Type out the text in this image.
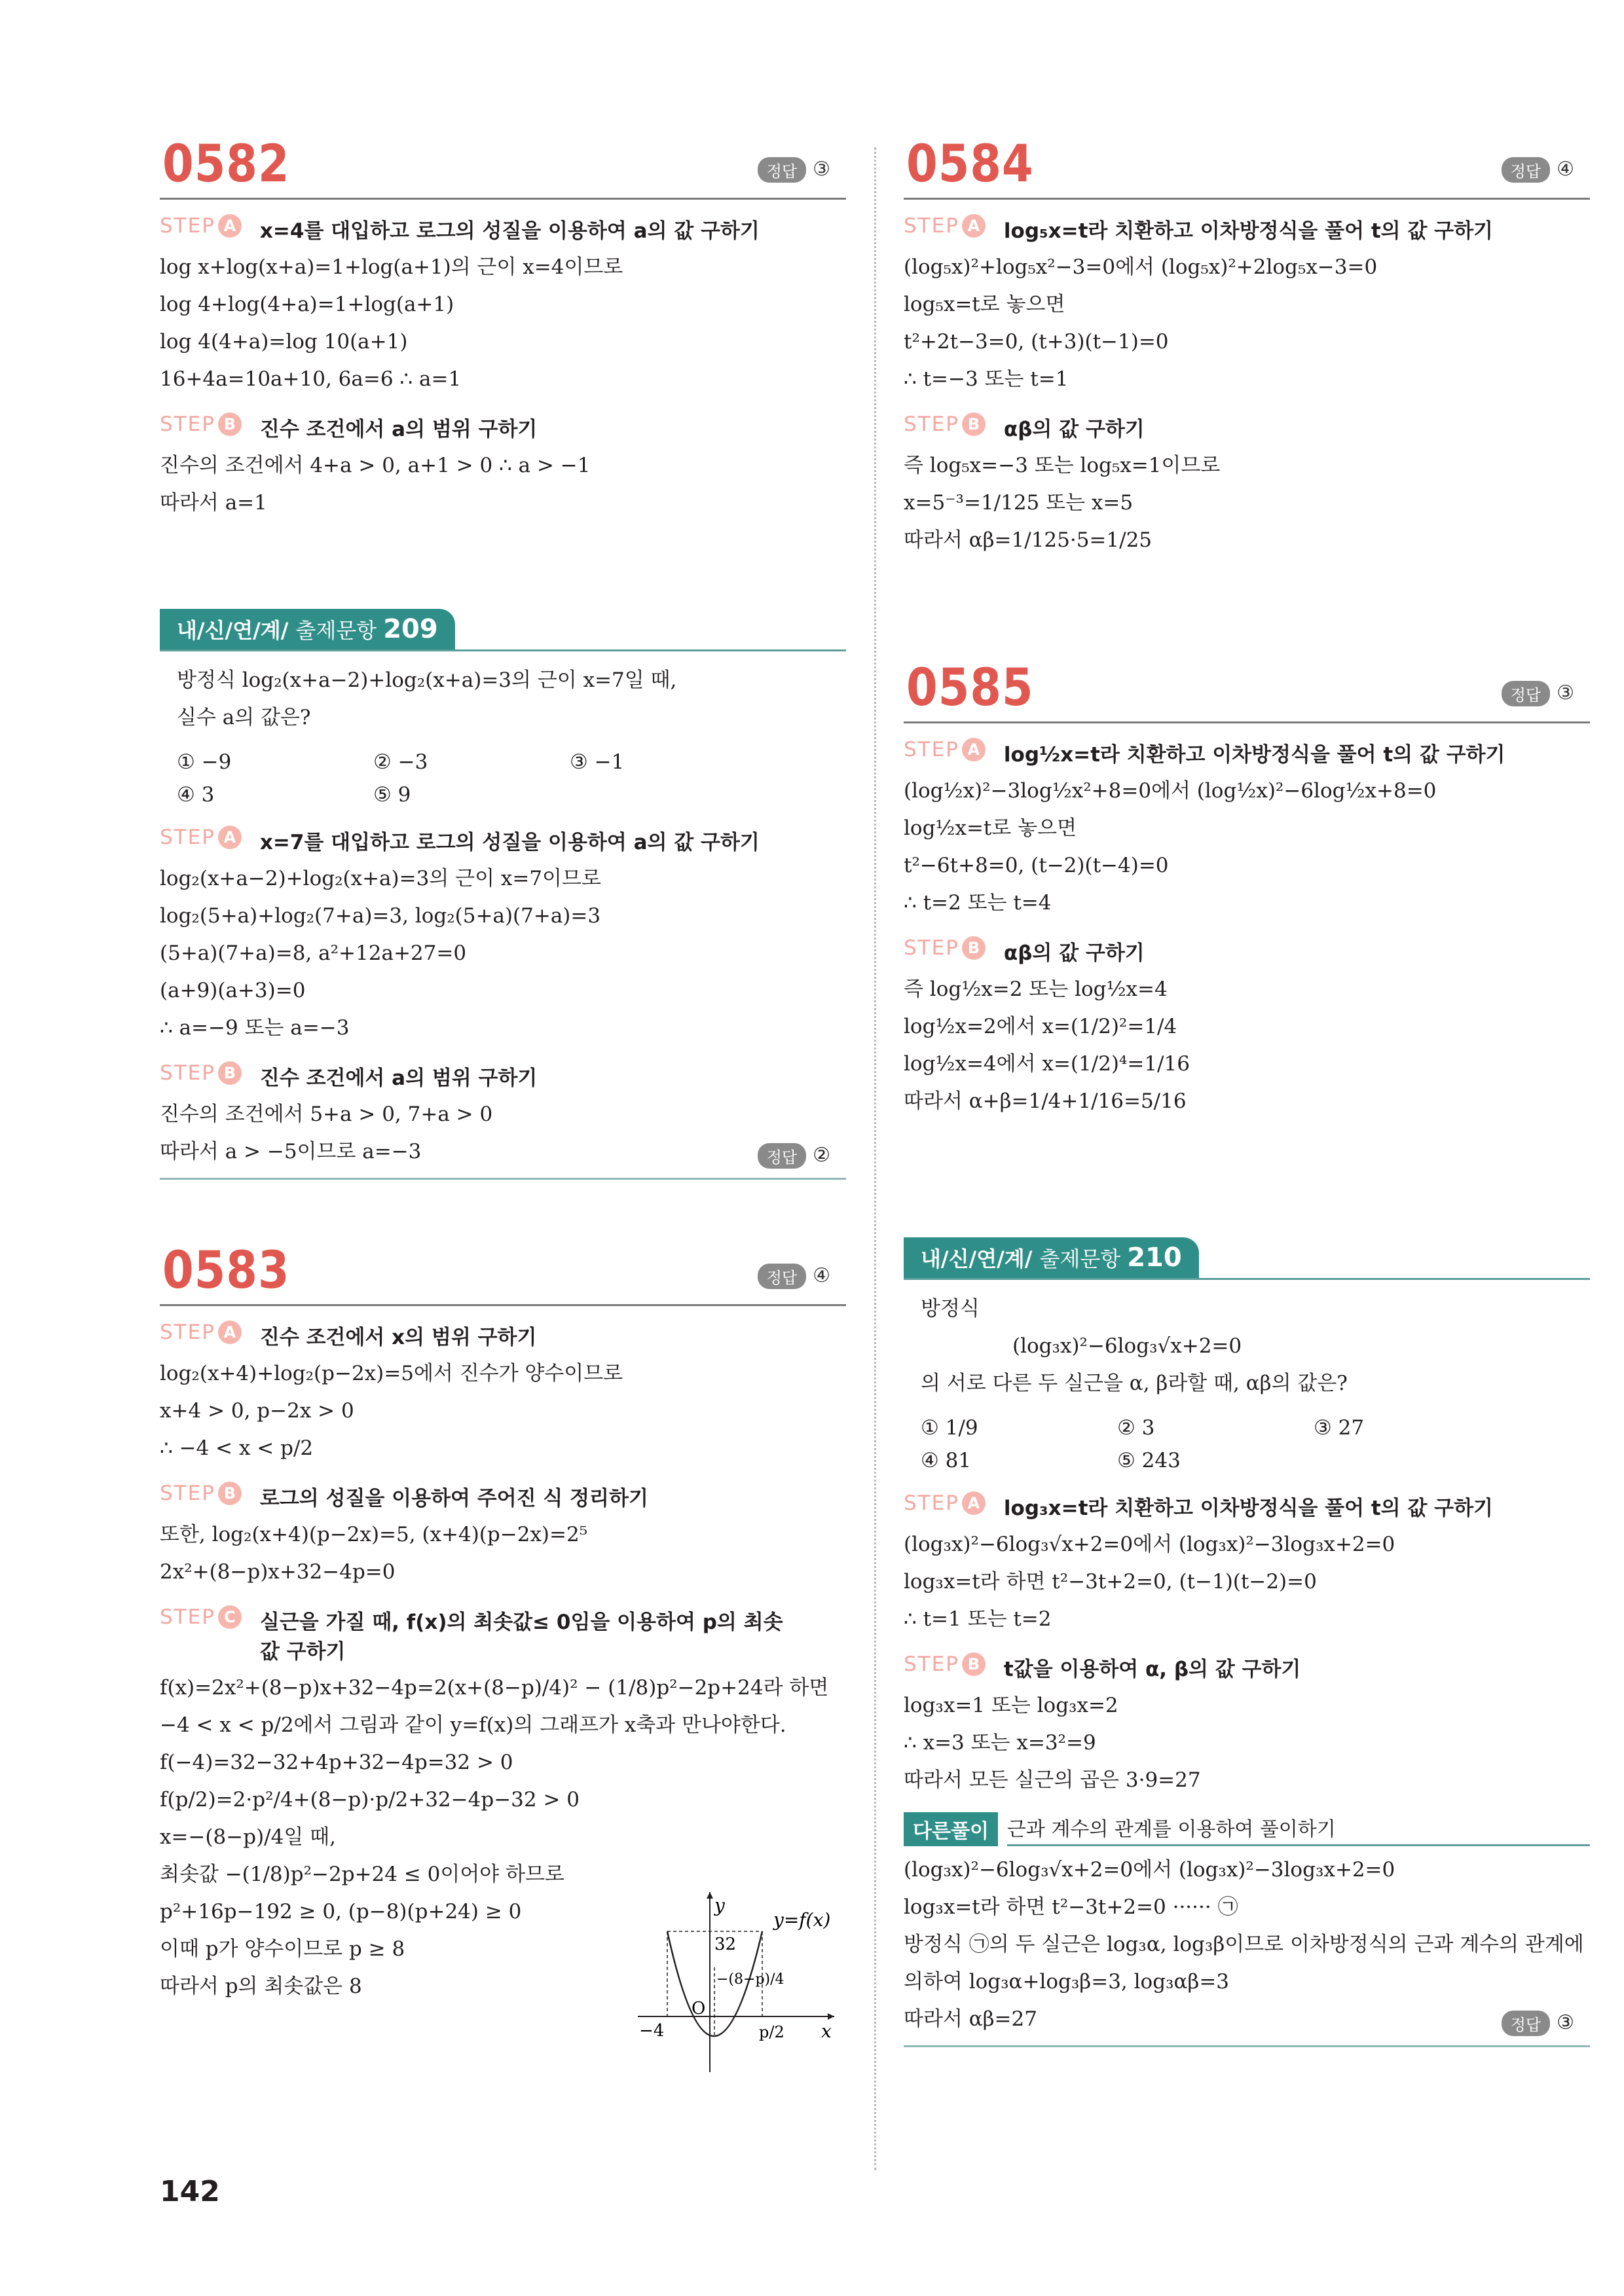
0582	정답 ③
STEP A x=4를 대입하고 로그의 성질을 이용하여 a의 값 구하기
log x+log(x+a)=1+log(a+1)의 근이 x=4이므로
log 4+log(4+a)=1+log(a+1)
log 4(4+a)=log 10(a+1)
16+4a=10a+10, 6a=6 ∴ a=1
STEP B 진수 조건에서 a의 범위 구하기
진수의 조건에서 4+a > 0, a+1 > 0 ∴ a > −1
따라서 a=1
내/신/연/계/ 출제문항 209
방정식 log₂(x+a−2)+log₂(x+a)=3의 근이 x=7일 때,
실수 a의 값은?
① −9	② −3	③ −1
④ 3	⑤ 9
STEP A x=7를 대입하고 로그의 성질을 이용하여 a의 값 구하기
log₂(x+a−2)+log₂(x+a)=3의 근이 x=7이므로
log₂(5+a)+log₂(7+a)=3, log₂(5+a)(7+a)=3
(5+a)(7+a)=8, a²+12a+27=0
(a+9)(a+3)=0
∴ a=−9 또는 a=−3
STEP B 진수 조건에서 a의 범위 구하기
진수의 조건에서 5+a > 0, 7+a > 0
따라서 a > −5이므로 a=−3	정답 ②
0583	정답 ④
STEP A 진수 조건에서 x의 범위 구하기
log₂(x+4)+log₂(p−2x)=5에서 진수가 양수이므로
x+4 > 0, p−2x > 0
∴ −4 < x < p/2
STEP B 로그의 성질을 이용하여 주어진 식 정리하기
또한, log₂(x+4)(p−2x)=5, (x+4)(p−2x)=2⁵
2x²+(8−p)x+32−4p=0
STEP C 실근을 가질 때, f(x)의 최솟값≤ 0임을 이용하여 p의 최솟값 구하기
f(x)=2x²+(8−p)x+32−4p=2(x+(8−p)/4)² − (1/8)p²−2p+24라 하면
−4 < x < p/2에서 그림과 같이 y=f(x)의 그래프가 x축과 만나야한다.
f(−4)=32−32+4p+32−4p=32 > 0
f(p/2)=2·p²/4+(8−p)·p/2+32−4p−32 > 0
x=−(8−p)/4일 때,
최솟값 −(1/8)p²−2p+24 ≤ 0이어야 하므로
p²+16p−192 ≥ 0, (p−8)(p+24) ≥ 0
이때 p가 양수이므로 p ≥ 8
따라서 p의 최솟값은 8
y
y=f(x)
32
−(8−p)/4
O
−4	p/2 x
0584	정답 ④
STEP A log₅x=t라 치환하고 이차방정식을 풀어 t의 값 구하기
(log₅x)²+log₅x²−3=0에서 (log₅x)²+2log₅x−3=0
log₅x=t로 놓으면
t²+2t−3=0, (t+3)(t−1)=0
∴ t=−3 또는 t=1
STEP B αβ의 값 구하기
즉 log₅x=−3 또는 log₅x=1이므로
x=5⁻³=1/125 또는 x=5
따라서 αβ=1/125·5=1/25
0585	정답 ③
STEP A log½x=t라 치환하고 이차방정식을 풀어 t의 값 구하기
(log½x)²−3log½x²+8=0에서 (log½x)²−6log½x+8=0
log½x=t로 놓으면
t²−6t+8=0, (t−2)(t−4)=0
∴ t=2 또는 t=4
STEP B αβ의 값 구하기
즉 log½x=2 또는 log½x=4
log½x=2에서 x=(1/2)²=1/4
log½x=4에서 x=(1/2)⁴=1/16
따라서 α+β=1/4+1/16=5/16
내/신/연/계/ 출제문항 210
방정식
(log₃x)²−6log₃√x+2=0
의 서로 다른 두 실근을 α, β라할 때, αβ의 값은?
① 1/9	② 3	③ 27
④ 81	⑤ 243
STEP A log₃x=t라 치환하고 이차방정식을 풀어 t의 값 구하기
(log₃x)²−6log₃√x+2=0에서 (log₃x)²−3log₃x+2=0
log₃x=t라 하면 t²−3t+2=0, (t−1)(t−2)=0
∴ t=1 또는 t=2
STEP B t값을 이용하여 α, β의 값 구하기
log₃x=1 또는 log₃x=2
∴ x=3 또는 x=3²=9
따라서 모든 실근의 곱은 3·9=27
다른풀이 근과 계수의 관계를 이용하여 풀이하기
(log₃x)²−6log₃√x+2=0에서 (log₃x)²−3log₃x+2=0
log₃x=t라 하면 t²−3t+2=0 ······ ㉠
방정식 ㉠의 두 실근은 log₃α, log₃β이므로 이차방정식의 근과 계수의 관계에
의하여 log₃α+log₃β=3, log₃αβ=3
따라서 αβ=27	정답 ③
142
